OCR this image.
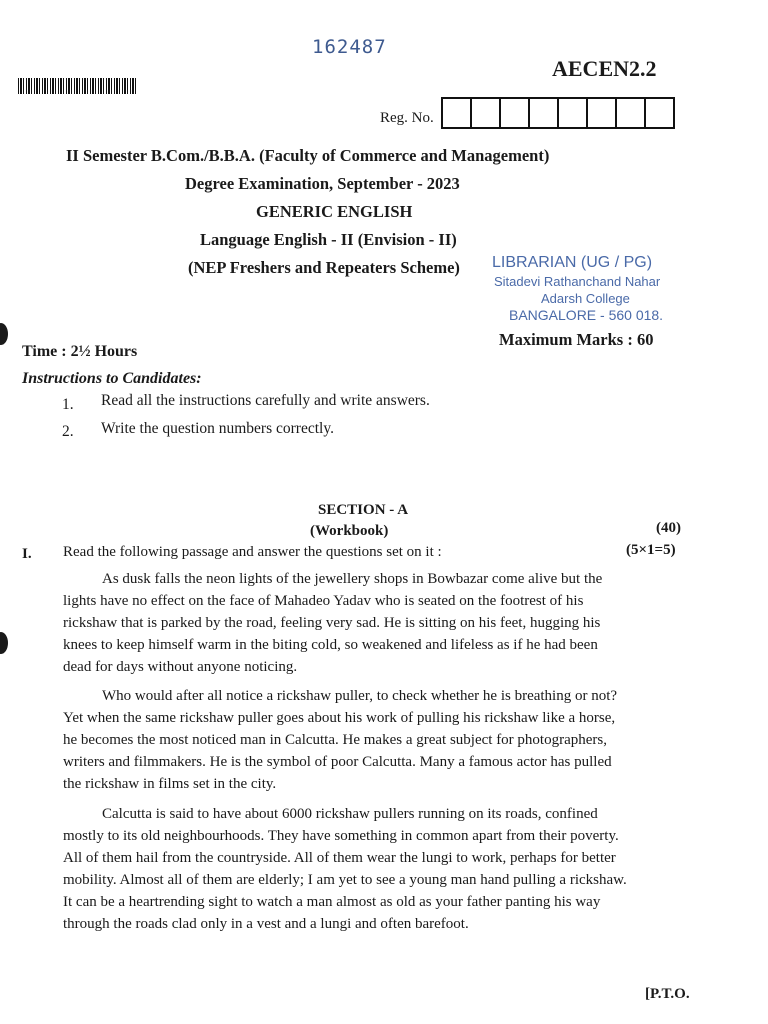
162487
AECEN2.2
Reg. No.
II Semester B.Com./B.B.A. (Faculty of Commerce and Management)
Degree Examination, September - 2023
GENERIC ENGLISH
Language English - II (Envision - II)
(NEP Freshers and Repeaters Scheme) LIBRARIAN (UG / PG)
Sitadevi Rathanchand Nahar
Adarsh College
BANGALORE - 560 018.
Time : 2½ Hours
Maximum Marks : 60
Instructions to Candidates:
1. Read all the instructions carefully and write answers.
2. Write the question numbers correctly.
SECTION - A
(Workbook)	(40)
I. Read the following passage and answer the questions set on it :	(5×1=5)
As dusk falls the neon lights of the jewellery shops in Bowbazar come alive but the
lights have no effect on the face of Mahadeo Yadav who is seated on the footrest of his
rickshaw that is parked by the road, feeling very sad. He is sitting on his feet, hugging his
knees to keep himself warm in the biting cold, so weakened and lifeless as if he had been
dead for days without anyone noticing.
Who would after all notice a rickshaw puller, to check whether he is breathing or not?
Yet when the same rickshaw puller goes about his work of pulling his rickshaw like a horse,
he becomes the most noticed man in Calcutta. He makes a great subject for photographers,
writers and filmmakers. He is the symbol of poor Calcutta. Many a famous actor has pulled
the rickshaw in films set in the city.
Calcutta is said to have about 6000 rickshaw pullers running on its roads, confined
mostly to its old neighbourhoods. They have something in common apart from their poverty.
All of them hail from the countryside. All of them wear the lungi to work, perhaps for better
mobility. Almost all of them are elderly; I am yet to see a young man hand pulling a rickshaw.
It can be a heartrending sight to watch a man almost as old as your father panting his way
through the roads clad only in a vest and a lungi and often barefoot.
[P.T.O.
